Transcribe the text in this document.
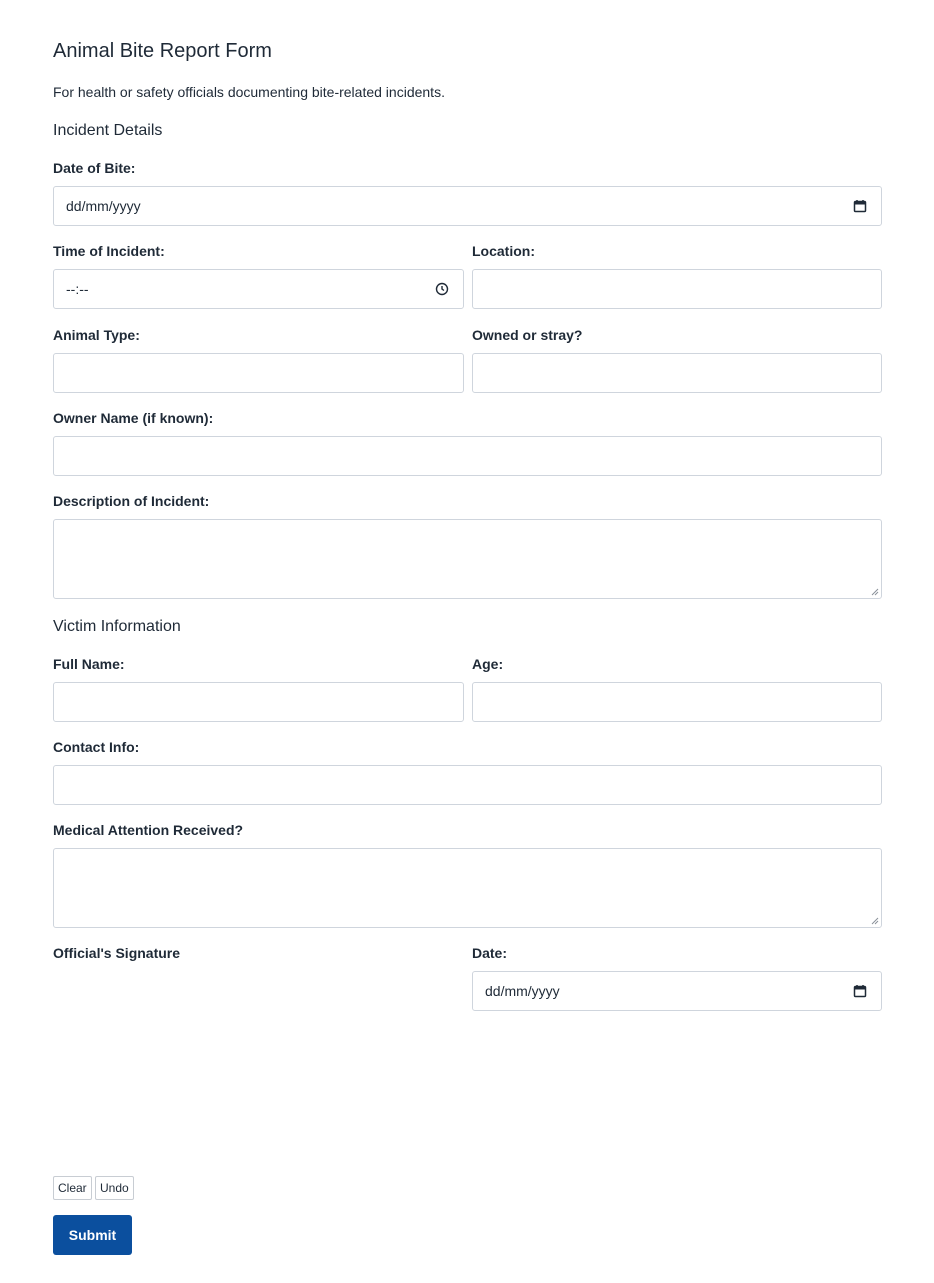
Animal Bite Report Form

For health or safety officials documenting bite-related incidents.

Incident Details
Date of Bite:
dd/mm/yyyy
Time of Incident:
--:--
Location:
Animal Type:	Owned or stray?
Owner Name (if known):
Description of Incident:
Victim Information
Full Name:	Age:
Contact Info:
Medical Attention Received?
Official's Signature	Date:
dd/mm/yyyy
Clear	Undo
Submit
